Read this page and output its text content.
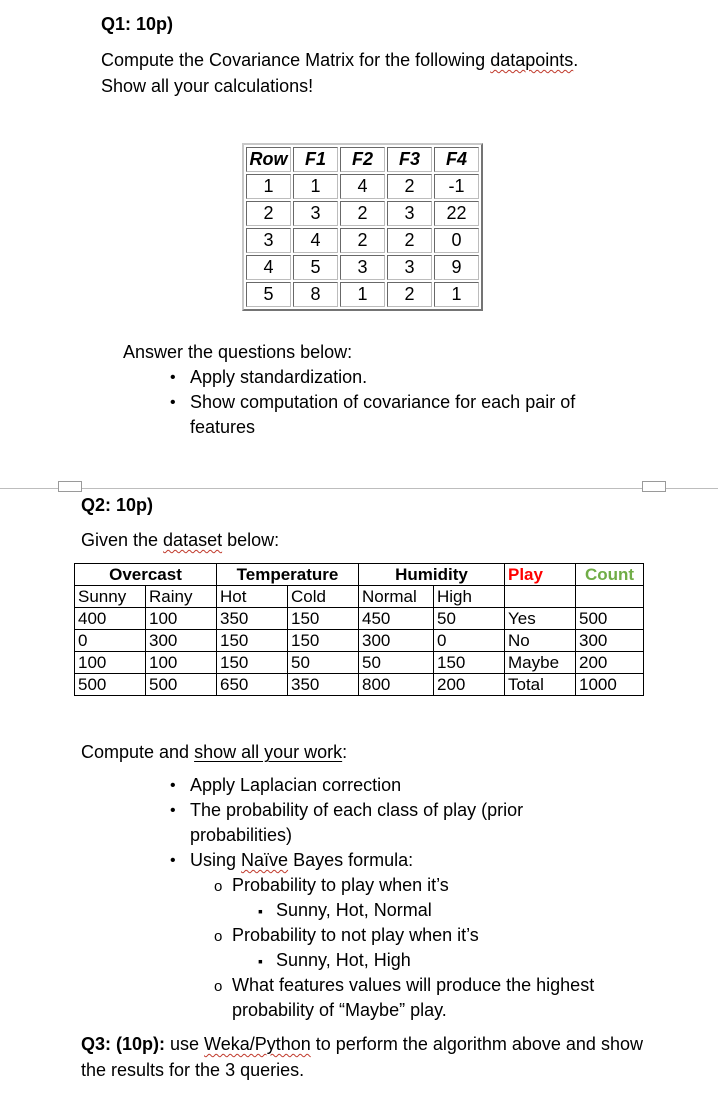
Q1: 10p)
Compute the Covariance Matrix for the following datapoints.
Show all your calculations!
Row	F1	F2	F3	F4
1	1	4	2	-1
2	3	2	3	22
3	4	2	2	0
4	5	3	3	9
5	8	1	2	1
Answer the questions below:
• Apply standardization.
• Show computation of covariance for each pair of features
Q2: 10p)
Given the dataset below:
Overcast		Temperature		Humidity		Play	Count
Sunny	Rainy	Hot	Cold	Normal	High		
400	100	350	150	450	50	Yes	500
0	300	150	150	300	0	No	300
100	100	150	50	50	150	Maybe	200
500	500	650	350	800	200	Total	1000
Compute and show all your work:
• Apply Laplacian correction
• The probability of each class of play (prior probabilities)
• Using Naïve Bayes formula:
o Probability to play when it’s
▪ Sunny, Hot, Normal
o Probability to not play when it’s
▪ Sunny, Hot, High
o What features values will produce the highest probability of “Maybe” play.
Q3: (10p): use Weka/Python to perform the algorithm above and show the results for the 3 queries.
